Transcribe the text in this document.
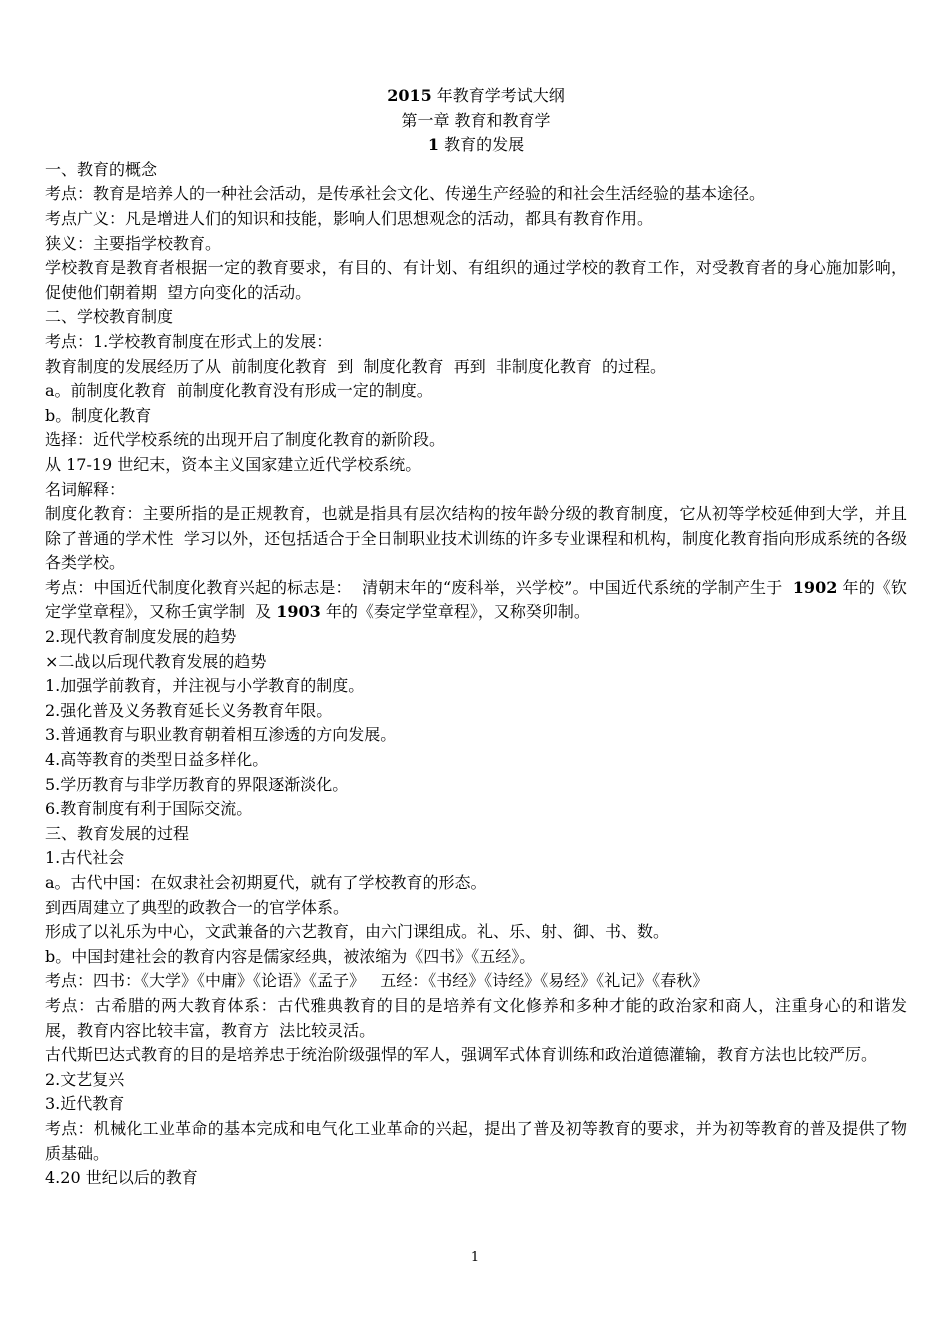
2015 年教育学考试大纲
第一章 教育和教育学
1 教育的发展
一、教育的概念
考点：教育是培养人的一种社会活动，是传承社会文化、传递生产经验的和社会生活经验的基本途径。
考点广义：凡是增进人们的知识和技能，影响人们思想观念的活动，都具有教育作用。
狭义：主要指学校教育。
学校教育是教育者根据一定的教育要求，有目的、有计划、有组织的通过学校的教育工作，对受教育者的身心施加影响，促使他们朝着期  望方向变化的活动。
二、学校教育制度
考点：1.学校教育制度在形式上的发展：
教育制度的发展经历了从  前制度化教育  到  制度化教育  再到  非制度化教育  的过程。
a。前制度化教育  前制度化教育没有形成一定的制度。
b。制度化教育
选择：近代学校系统的出现开启了制度化教育的新阶段。
从 17-19 世纪末，资本主义国家建立近代学校系统。
名词解释：
制度化教育：主要所指的是正规教育，也就是指具有层次结构的按年龄分级的教育制度，它从初等学校延伸到大学，并且除了普通的学术性  学习以外，还包括适合于全日制职业技术训练的许多专业课程和机构，制度化教育指向形成系统的各级各类学校。
考点：中国近代制度化教育兴起的标志是：  清朝末年的“废科举，兴学校”。中国近代系统的学制产生于  1902 年的《钦定学堂章程》，又称壬寅学制  及 1903 年的《奏定学堂章程》，又称癸卯制。
2.现代教育制度发展的趋势
×二战以后现代教育发展的趋势
1.加强学前教育，并注视与小学教育的制度。
2.强化普及义务教育延长义务教育年限。
3.普通教育与职业教育朝着相互渗透的方向发展。
4.高等教育的类型日益多样化。
5.学历教育与非学历教育的界限逐渐淡化。
6.教育制度有利于国际交流。
三、教育发展的过程
1.古代社会
a。古代中国：在奴隶社会初期夏代，就有了学校教育的形态。
到西周建立了典型的政教合一的官学体系。
形成了以礼乐为中心，文武兼备的六艺教育，由六门课组成。礼、乐、射、御、书、数。
b。中国封建社会的教育内容是儒家经典，被浓缩为《四书》《五经》。
考点：四书：《大学》《中庸》《论语》《孟子》   五经：《书经》《诗经》《易经》《礼记》《春秋》
考点：古希腊的两大教育体系：古代雅典教育的目的是培养有文化修养和多种才能的政治家和商人，注重身心的和谐发展，教育内容比较丰富，教育方  法比较灵活。
古代斯巴达式教育的目的是培养忠于统治阶级强悍的军人，强调军式体育训练和政治道德灌输，教育方法也比较严厉。
2.文艺复兴
3.近代教育
考点：机械化工业革命的基本完成和电气化工业革命的兴起，提出了普及初等教育的要求，并为初等教育的普及提供了物质基础。
4.20 世纪以后的教育
1
